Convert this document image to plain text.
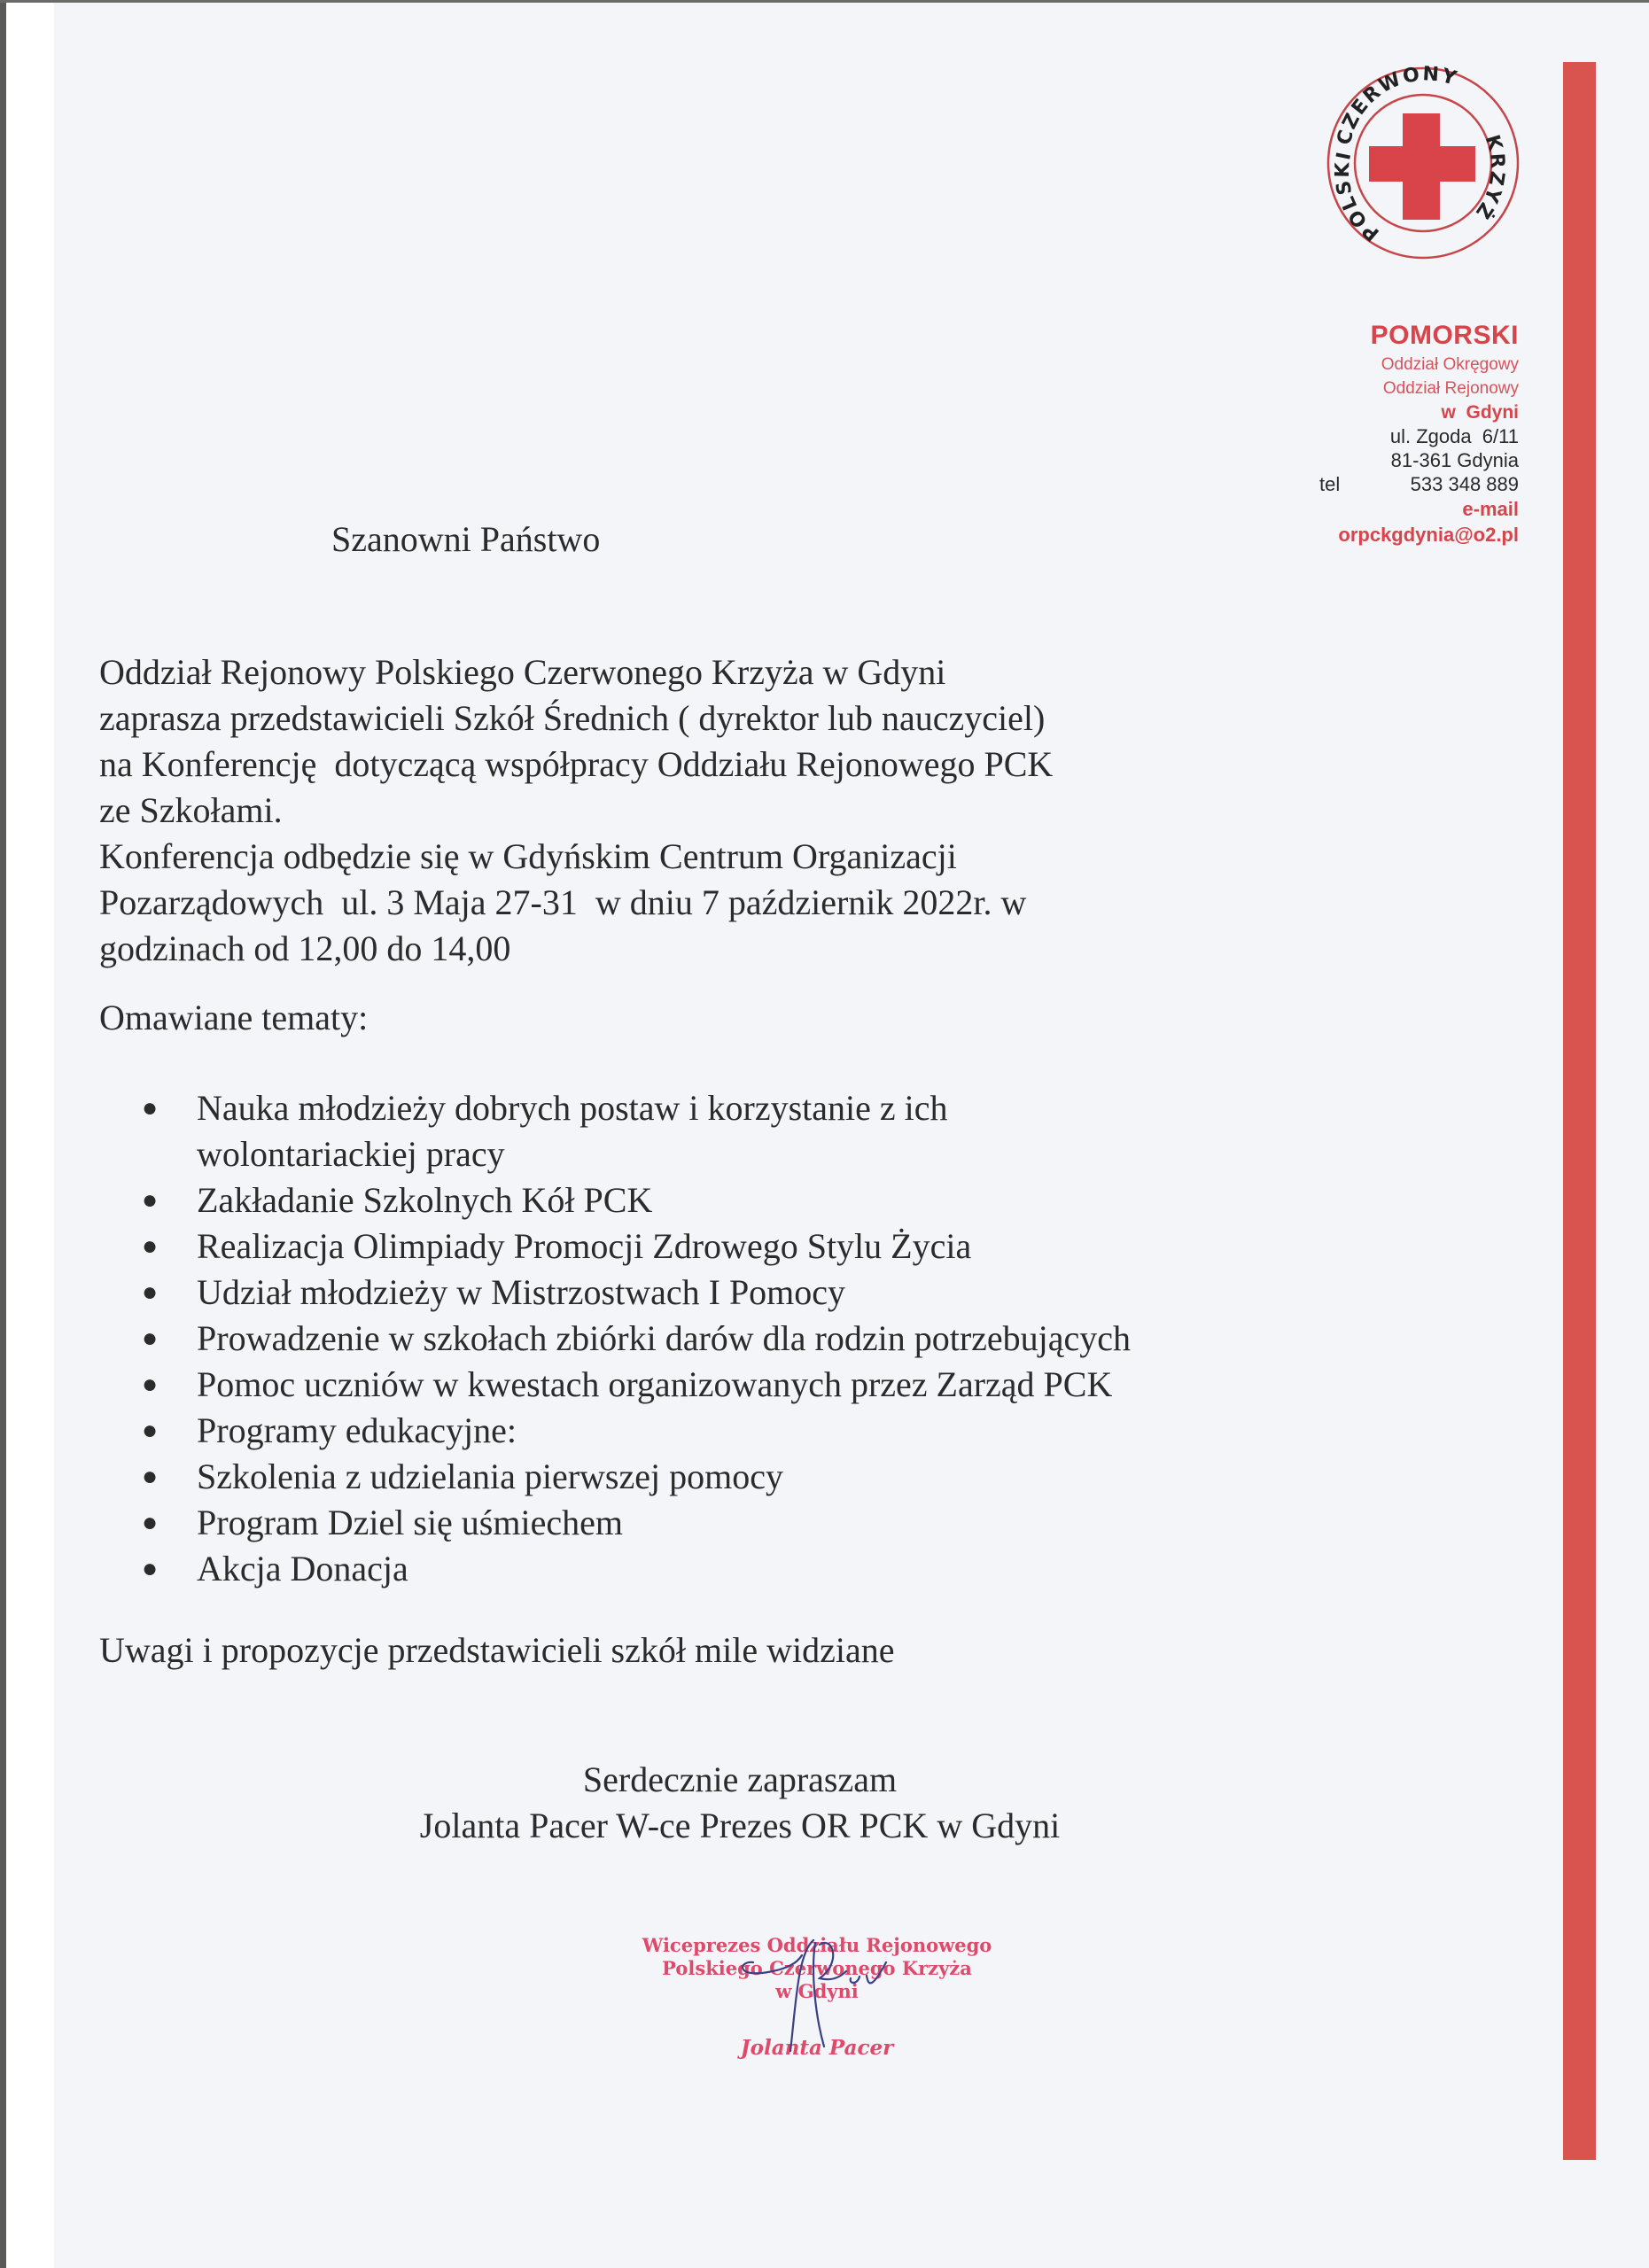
CZERWONY
KRZYŻ
POLSKI
POMORSKI
Oddział Okręgowy
Oddział Rejonowy
w  Gdyni
ul. Zgoda  6/11
81-361 Gdynia
tel	533 348 889
e-mail
orpckgdynia@o2.pl
Szanowni Państwo
Oddział Rejonowy Polskiego Czerwonego Krzyża w Gdyni
zaprasza przedstawicieli Szkół Średnich ( dyrektor lub nauczyciel)
na Konferencję  dotyczącą współpracy Oddziału Rejonowego PCK
ze Szkołami.
Konferencja odbędzie się w Gdyńskim Centrum Organizacji
Pozarządowych  ul. 3 Maja 27-31  w dniu 7 październik 2022r. w
godzinach od 12,00 do 14,00
Omawiane tematy:
● Nauka młodzieży dobrych postaw i korzystanie z ich
wolontariackiej pracy
● Zakładanie Szkolnych Kół PCK
● Realizacja Olimpiady Promocji Zdrowego Stylu Życia
● Udział młodzieży w Mistrzostwach I Pomocy
● Prowadzenie w szkołach zbiórki darów dla rodzin potrzebujących
● Pomoc uczniów w kwestach organizowanych przez Zarząd PCK
● Programy edukacyjne:
● Szkolenia z udzielania pierwszej pomocy
● Program Dziel się uśmiechem
● Akcja Donacja
Uwagi i propozycje przedstawicieli szkół mile widziane
Serdecznie zapraszam
Jolanta Pacer W-ce Prezes OR PCK w Gdyni
Wiceprezes Oddziału Rejonowego
Polskiego Czerwonego Krzyża
w Gdyni
Jolanta Pacer
